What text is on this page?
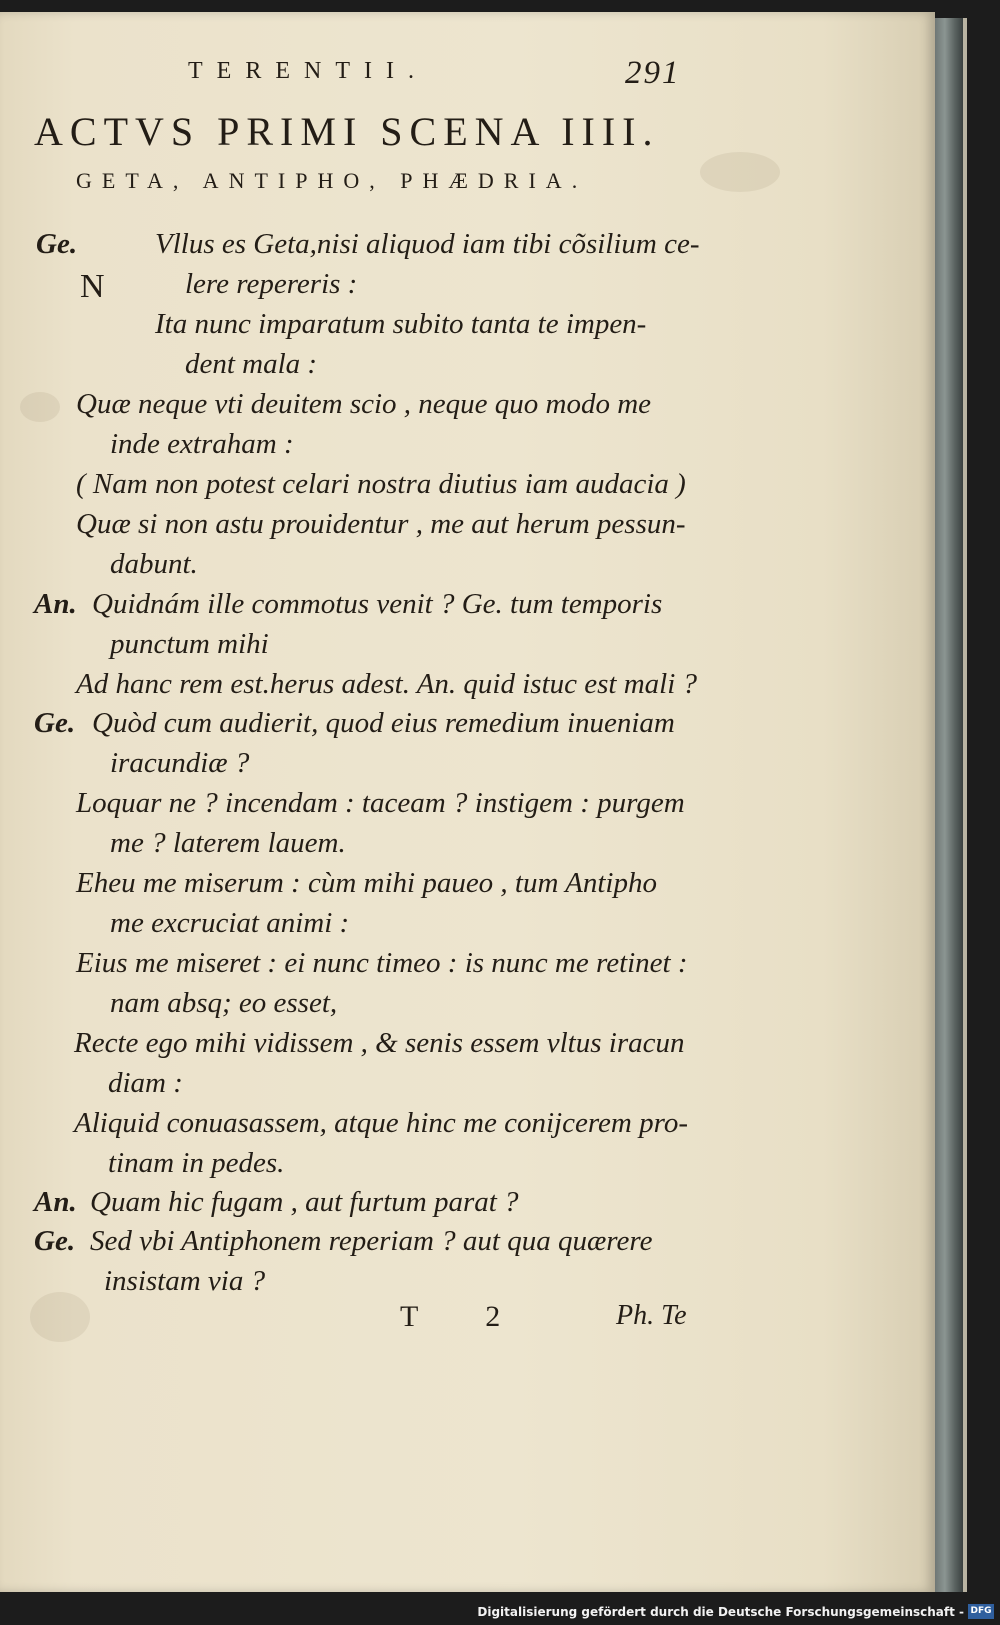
TERENTII.	291
ACTVS PRIMI SCENA IIII.
GETA, ANTIPHO, PHÆDRIA.
Ge.
An.
Ge.
An.
Ge.
N
Vllus es Geta,nisi aliquod iam tibi cõsilium ce-
lere repereris :
Ita nunc imparatum subito tanta te impen-
dent mala :
Quæ neque vti deuitem scio , neque quo modo me
inde extraham :
( Nam non potest celari nostra diutius iam audacia )
Quæ si non astu prouidentur , me aut herum pessun-
dabunt.
Quidnám ille commotus venit ? Ge. tum temporis
punctum mihi
Ad hanc rem est.herus adest. An. quid istuc est mali ?
Quòd cum audierit, quod eius remedium inueniam
iracundiæ ?
Loquar ne ? incendam : taceam ? instigem : purgem
me ? laterem lauem.
Eheu me miserum : cùm mihi paueo , tum Antipho
me excruciat animi :
Eius me miseret : ei nunc timeo : is nunc me retinet :
nam absq; eo esset,
Recte ego mihi vidissem , & senis essem vltus iracun
diam :
Aliquid conuasassem, atque hinc me conijcerem pro-
tinam in pedes.
Quam hic fugam , aut furtum parat ?
Sed vbi Antiphonem reperiam ? aut qua quærere
insistam via ?
T 2	Ph. Te
Digitalisierung gefördert durch die Deutsche Forschungsgemeinschaft - DFG
